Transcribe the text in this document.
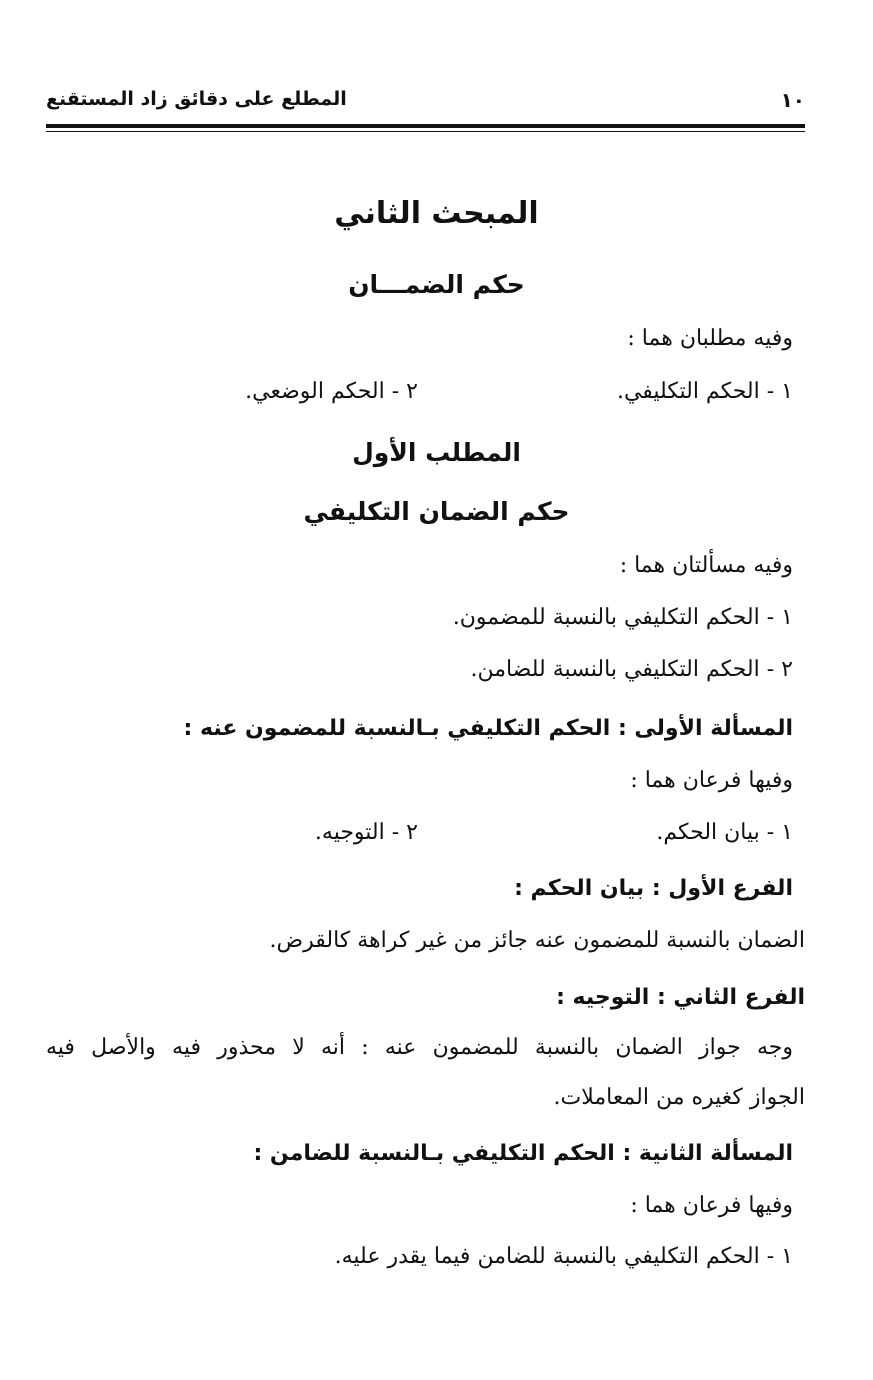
١٠
المطلع على دقائق زاد المستقنع
المبحث الثاني
حكم الضمـــان
وفيه مطلبان هما :
١ - الحكم التكليفي.
٢ - الحكم الوضعي.
المطلب الأول
حكم الضمان التكليفي
وفيه مسألتان هما :
١ - الحكم التكليفي بالنسبة للمضمون.
٢ - الحكم التكليفي بالنسبة للضامن.
المسألة الأولى : الحكم التكليفي بـالنسبة للمضمون عنه :
وفيها فرعان هما :
١ - بيان الحكم.
٢ - التوجيه.
الفرع الأول : بيان الحكم :
الضمان بالنسبة للمضمون عنه جائز من غير كراهة كالقرض.
الفرع الثاني : التوجيه :
وجه جواز الضمان بالنسبة للمضمون عنه : أنه لا محذور فيه والأصل فيه
الجواز كغيره من المعاملات.
المسألة الثانية : الحكم التكليفي بـالنسبة للضامن :
وفيها فرعان هما :
١ - الحكم التكليفي بالنسبة للضامن فيما يقدر عليه.
